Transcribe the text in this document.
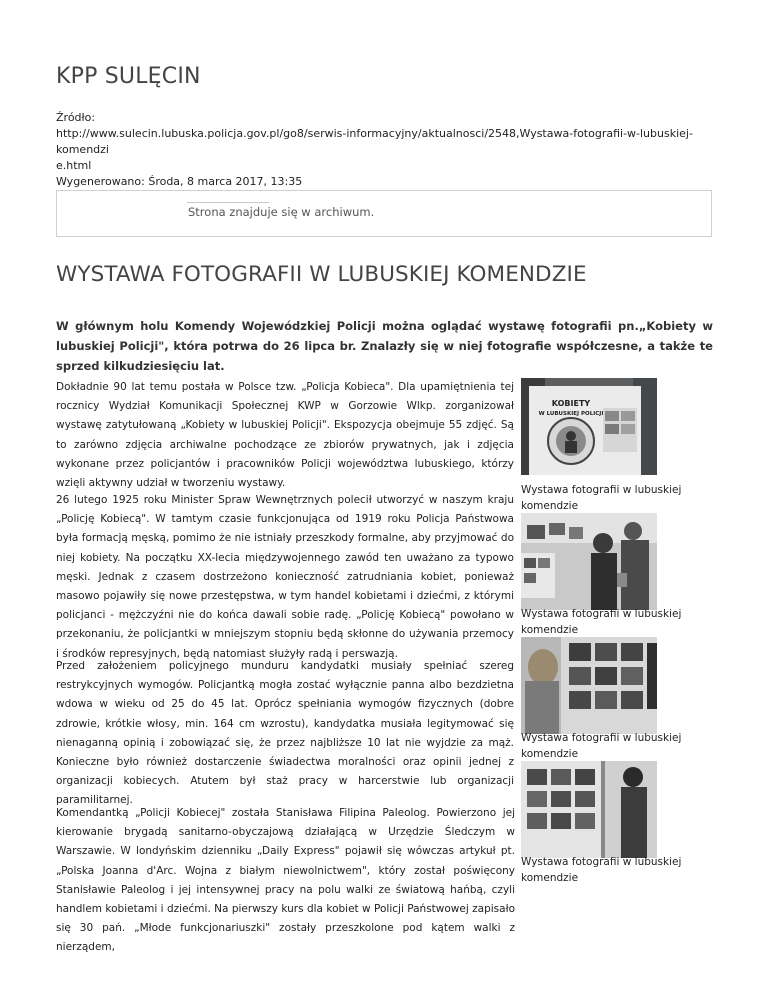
KPP SULĘCIN
Źródło:
http://www.sulecin.lubuska.policja.gov.pl/go8/serwis-informacyjny/aktualnosci/2548,Wystawa-fotografii-w-lubuskiej-komendzi
e.html
Wygenerowano: Środa, 8 marca 2017, 13:35
Strona znajduje się w archiwum.
WYSTAWA FOTOGRAFII W LUBUSKIEJ KOMENDZIE

W głównym holu Komendy Wojewódzkiej Policji można oglądać wystawę fotografii pn.„Kobiety w lubuskiej Policji", która potrwa do 26 lipca br. Znalazły się w niej fotografie współczesne, a także te sprzed kilkudziesięciu lat.

Dokładnie 90 lat temu postała w Polsce tzw. „Policja Kobieca". Dla upamiętnienia tej rocznicy Wydział Komunikacji Społecznej KWP w Gorzowie Wlkp. zorganizował wystawę zatytułowaną „Kobiety w lubuskiej Policji". Ekspozycja obejmuje 55 zdjęć. Są to zarówno zdjęcia archiwalne pochodzące ze zbiorów prywatnych, jak i zdjęcia wykonane przez policjantów i pracowników Policji województwa lubuskiego, którzy wzięli aktywny udział w tworzeniu wystawy.

26 lutego 1925 roku Minister Spraw Wewnętrznych polecił utworzyć w naszym kraju „Policję Kobiecą". W tamtym czasie funkcjonująca od 1919 roku Policja Państwowa była formacją męską, pomimo że nie istniały przeszkody formalne, aby przyjmować do niej kobiety. Na początku XX-lecia międzywojennego zawód ten uważano za typowo męski. Jednak z czasem dostrzeżono konieczność zatrudniania kobiet, ponieważ masowo pojawiły się nowe przestępstwa, w tym handel kobietami i dziećmi, z którymi policjanci - mężczyźni nie do końca dawali sobie radę. „Policję Kobiecą" powołano w przekonaniu, że policjantki w mniejszym stopniu będą skłonne do używania przemocy i środków represyjnych, będą natomiast służyły radą i perswazją.

Przed założeniem policyjnego munduru kandydatki musiały spełniać szereg restrykcyjnych wymogów. Policjantką mogła zostać wyłącznie panna albo bezdzietna wdowa w wieku od 25 do 45 lat. Oprócz spełniania wymogów fizycznych (dobre zdrowie, krótkie włosy, min. 164 cm wzrostu), kandydatka musiała legitymować się nienaganną opinią i zobowiązać się, że przez najbliższe 10 lat nie wyjdzie za mąż. Konieczne było również dostarczenie świadectwa moralności oraz opinii jednej z organizacji kobiecych. Atutem był staż pracy w harcerstwie lub organizacji paramilitarnej.

Komendantką „Policji Kobiecej" została Stanisława Filipina Paleolog. Powierzono jej kierowanie brygadą sanitarno-obyczajową działającą w Urzędzie Śledczym w Warszawie. W londyńskim dzienniku „Daily Express" pojawił się wówczas artykuł pt. „Polska Joanna d'Arc. Wojna z białym niewolnictwem", który został poświęcony Stanisławie Paleolog i jej intensywnej pracy na polu walki ze światową hańbą, czyli handlem kobietami i dziećmi. Na pierwszy kurs dla kobiet w Policji Państwowej zapisało się 30 pań. „Młode funkcjonariuszki" zostały przeszkolone pod kątem walki z nierządem,

KOBIETY
W LUBUSKIEJ POLICJI
Wystawa fotografii w lubuskiej komendzie
Wystawa fotografii w lubuskiej komendzie
Wystawa fotografii w lubuskiej komendzie
Wystawa fotografii w lubuskiej komendzie
